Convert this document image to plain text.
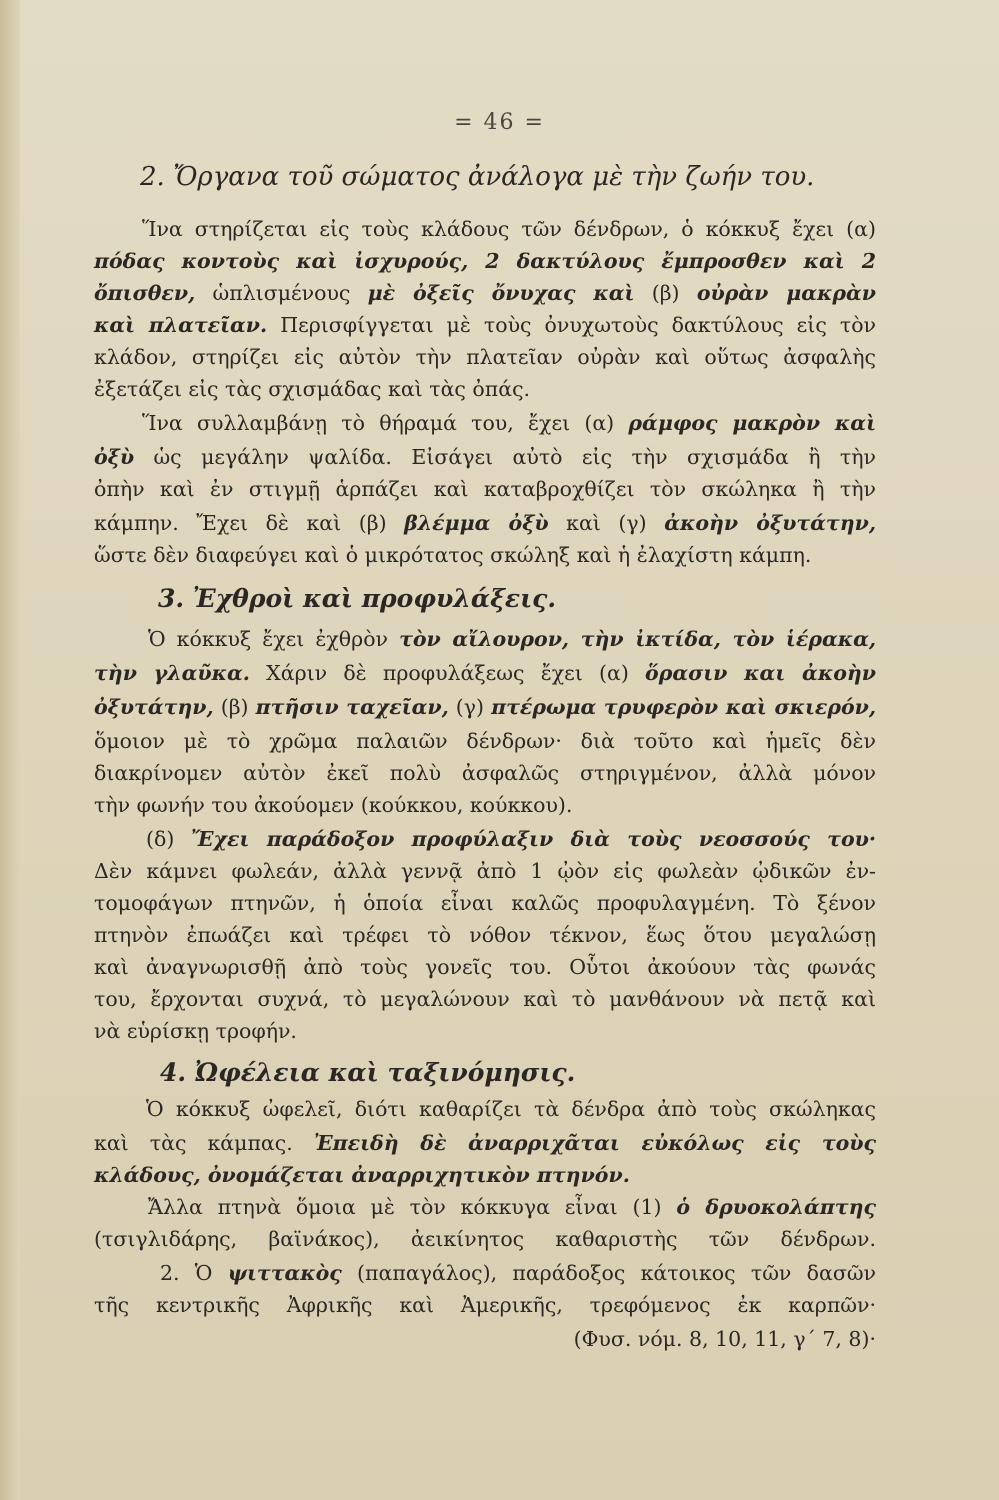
= 46 =
2. Ὄργανα τοῦ σώματος ἀνάλογα μὲ τὴν ζωήν του.
Ἵνα στηρίζεται εἰς τοὺς κλάδους τῶν δένδρων, ὁ κόκκυξ ἔχει (α)
πόδας κοντοὺς καὶ ἰσχυρούς, 2 δακτύλους ἔμπροσθεν καὶ 2
ὄπισθεν, ὡπλισμένους μὲ ὀξεῖς ὄνυχας καὶ (β) οὐρὰν μακρὰν
καὶ πλατεῖαν. Περισφίγγεται μὲ τοὺς ὀνυχωτοὺς δακτύλους εἰς τὸν
κλάδον, στηρίζει εἰς αὐτὸν τὴν πλατεῖαν οὐρὰν καὶ οὕτως ἀσφαλὴς
ἐξετάζει εἰς τὰς σχισμάδας καὶ τὰς ὀπάς.
Ἵνα συλλαμβάνῃ τὸ θήραμά του, ἔχει (α) ράμφος μακρὸν καὶ
ὀξὺ ὡς μεγάλην ψαλίδα. Εἰσάγει αὐτὸ εἰς τὴν σχισμάδα ἢ τὴν
ὀπὴν καὶ ἐν στιγμῇ ἁρπάζει καὶ καταβροχθίζει τὸν σκώληκα ἢ τὴν
κάμπην. Ἔχει δὲ καὶ (β) βλέμμα ὀξὺ καὶ (γ) ἀκοὴν ὀξυτάτην,
ὥστε δὲν διαφεύγει καὶ ὁ μικρότατος σκώληξ καὶ ἡ ἐλαχίστη κάμπη.
3. Ἐχθροὶ καὶ προφυλάξεις.
Ὁ κόκκυξ ἔχει ἐχθρὸν τὸν αἴλουρον, τὴν ἰκτίδα, τὸν ἱέρακα,
τὴν γλαῦκα. Χάριν δὲ προφυλάξεως ἔχει (α) ὅρασιν και ἀκοὴν
ὀξυτάτην, (β) πτῆσιν ταχεῖαν, (γ) πτέρωμα τρυφερὸν καὶ σκιερόν,
ὅμοιον μὲ τὸ χρῶμα παλαιῶν δένδρων· διὰ τοῦτο καὶ ἡμεῖς δὲν
διακρίνομεν αὐτὸν ἐκεῖ πολὺ ἀσφαλῶς στηριγμένον, ἀλλὰ μόνον
τὴν φωνήν του ἀκούομεν (κούκκου, κούκκου).
(δ) Ἔχει παράδοξον προφύλαξιν διὰ τοὺς νεοσσούς του·
Δὲν κάμνει φωλεάν, ἀλλὰ γεννᾷ ἀπὸ 1 ᾠὸν εἰς φωλεὰν ᾠδικῶν ἐν-
τομοφάγων πτηνῶν, ἡ ὁποία εἶναι καλῶς προφυλαγμένη. Τὸ ξένον
πτηνὸν ἐπωάζει καὶ τρέφει τὸ νόθον τέκνον, ἕως ὅτου μεγαλώσῃ
καὶ ἀναγνωρισθῇ ἀπὸ τοὺς γονεῖς του. Οὗτοι ἀκούουν τὰς φωνάς
του, ἔρχονται συχνά, τὸ μεγαλώνουν καὶ τὸ μανθάνουν νὰ πετᾷ καὶ
νὰ εὑρίσκῃ τροφήν.
4. Ὠφέλεια καὶ ταξινόμησις.
Ὁ κόκκυξ ὠφελεῖ, διότι καθαρίζει τὰ δένδρα ἀπὸ τοὺς σκώληκας
καὶ τὰς κάμπας. Ἐπειδὴ δὲ ἀναρριχᾶται εὐκόλως εἰς τοὺς
κλάδους, ὀνομάζεται ἀναρριχητικὸν πτηνόν.
Ἄλλα πτηνὰ ὅμοια μὲ τὸν κόκκυγα εἶναι (1) ὁ δρυοκολάπτης
(τσιγλιδάρης, βαϊνάκος), ἀεικίνητος καθαριστὴς τῶν δένδρων.
2. Ὁ ψιττακὸς (παπαγάλος), παράδοξος κάτοικος τῶν δασῶν
τῆς κεντρικῆς Ἀφρικῆς καὶ Ἀμερικῆς, τρεφόμενος ἐκ καρπῶν·
(Φυσ. νόμ. 8, 10, 11, γ΄ 7, 8)·
